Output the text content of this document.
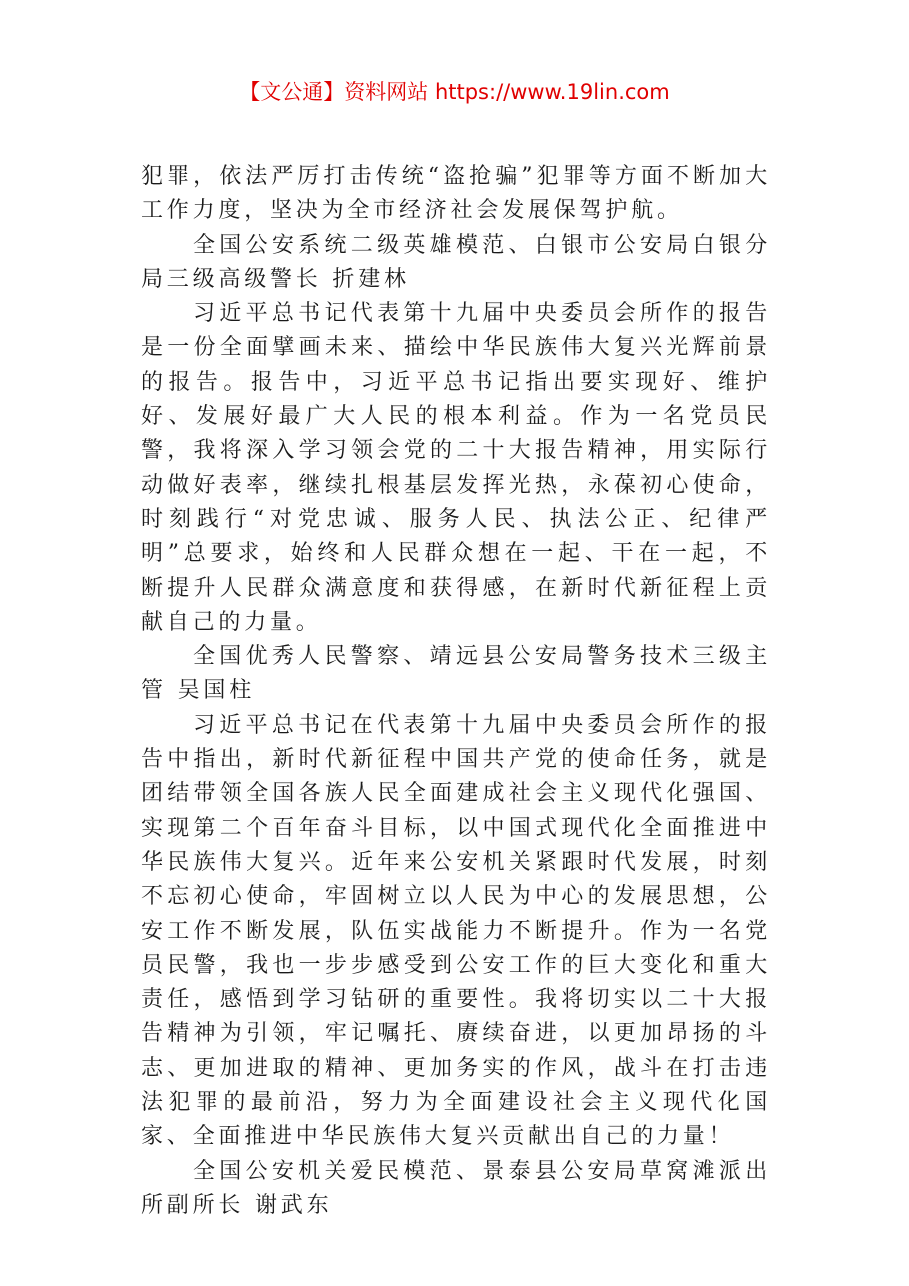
【文公通】资料网站 https://www.19lin.com

犯罪，依法严厉打击传统“盗抢骗”犯罪等方面不断加大工作力度，坚决为全市经济社会发展保驾护航。

全国公安系统二级英雄模范、白银市公安局白银分局三级高级警长 折建林

习近平总书记代表第十九届中央委员会所作的报告是一份全面擘画未来、描绘中华民族伟大复兴光辉前景的报告。报告中，习近平总书记指出要实现好、维护好、发展好最广大人民的根本利益。作为一名党员民警，我将深入学习领会党的二十大报告精神，用实际行动做好表率，继续扎根基层发挥光热，永葆初心使命，时刻践行“对党忠诚、服务人民、执法公正、纪律严明”总要求，始终和人民群众想在一起、干在一起，不断提升人民群众满意度和获得感，在新时代新征程上贡献自己的力量。

全国优秀人民警察、靖远县公安局警务技术三级主管 吴国柱

习近平总书记在代表第十九届中央委员会所作的报告中指出，新时代新征程中国共产党的使命任务，就是团结带领全国各族人民全面建成社会主义现代化强国、实现第二个百年奋斗目标，以中国式现代化全面推进中华民族伟大复兴。近年来公安机关紧跟时代发展，时刻不忘初心使命，牢固树立以人民为中心的发展思想，公安工作不断发展，队伍实战能力不断提升。作为一名党员民警，我也一步步感受到公安工作的巨大变化和重大责任，感悟到学习钻研的重要性。我将切实以二十大报告精神为引领，牢记嘱托、赓续奋进，以更加昂扬的斗志、更加进取的精神、更加务实的作风，战斗在打击违法犯罪的最前沿，努力为全面建设社会主义现代化国家、全面推进中华民族伟大复兴贡献出自己的力量！

全国公安机关爱民模范、景泰县公安局草窝滩派出所副所长 谢武东
